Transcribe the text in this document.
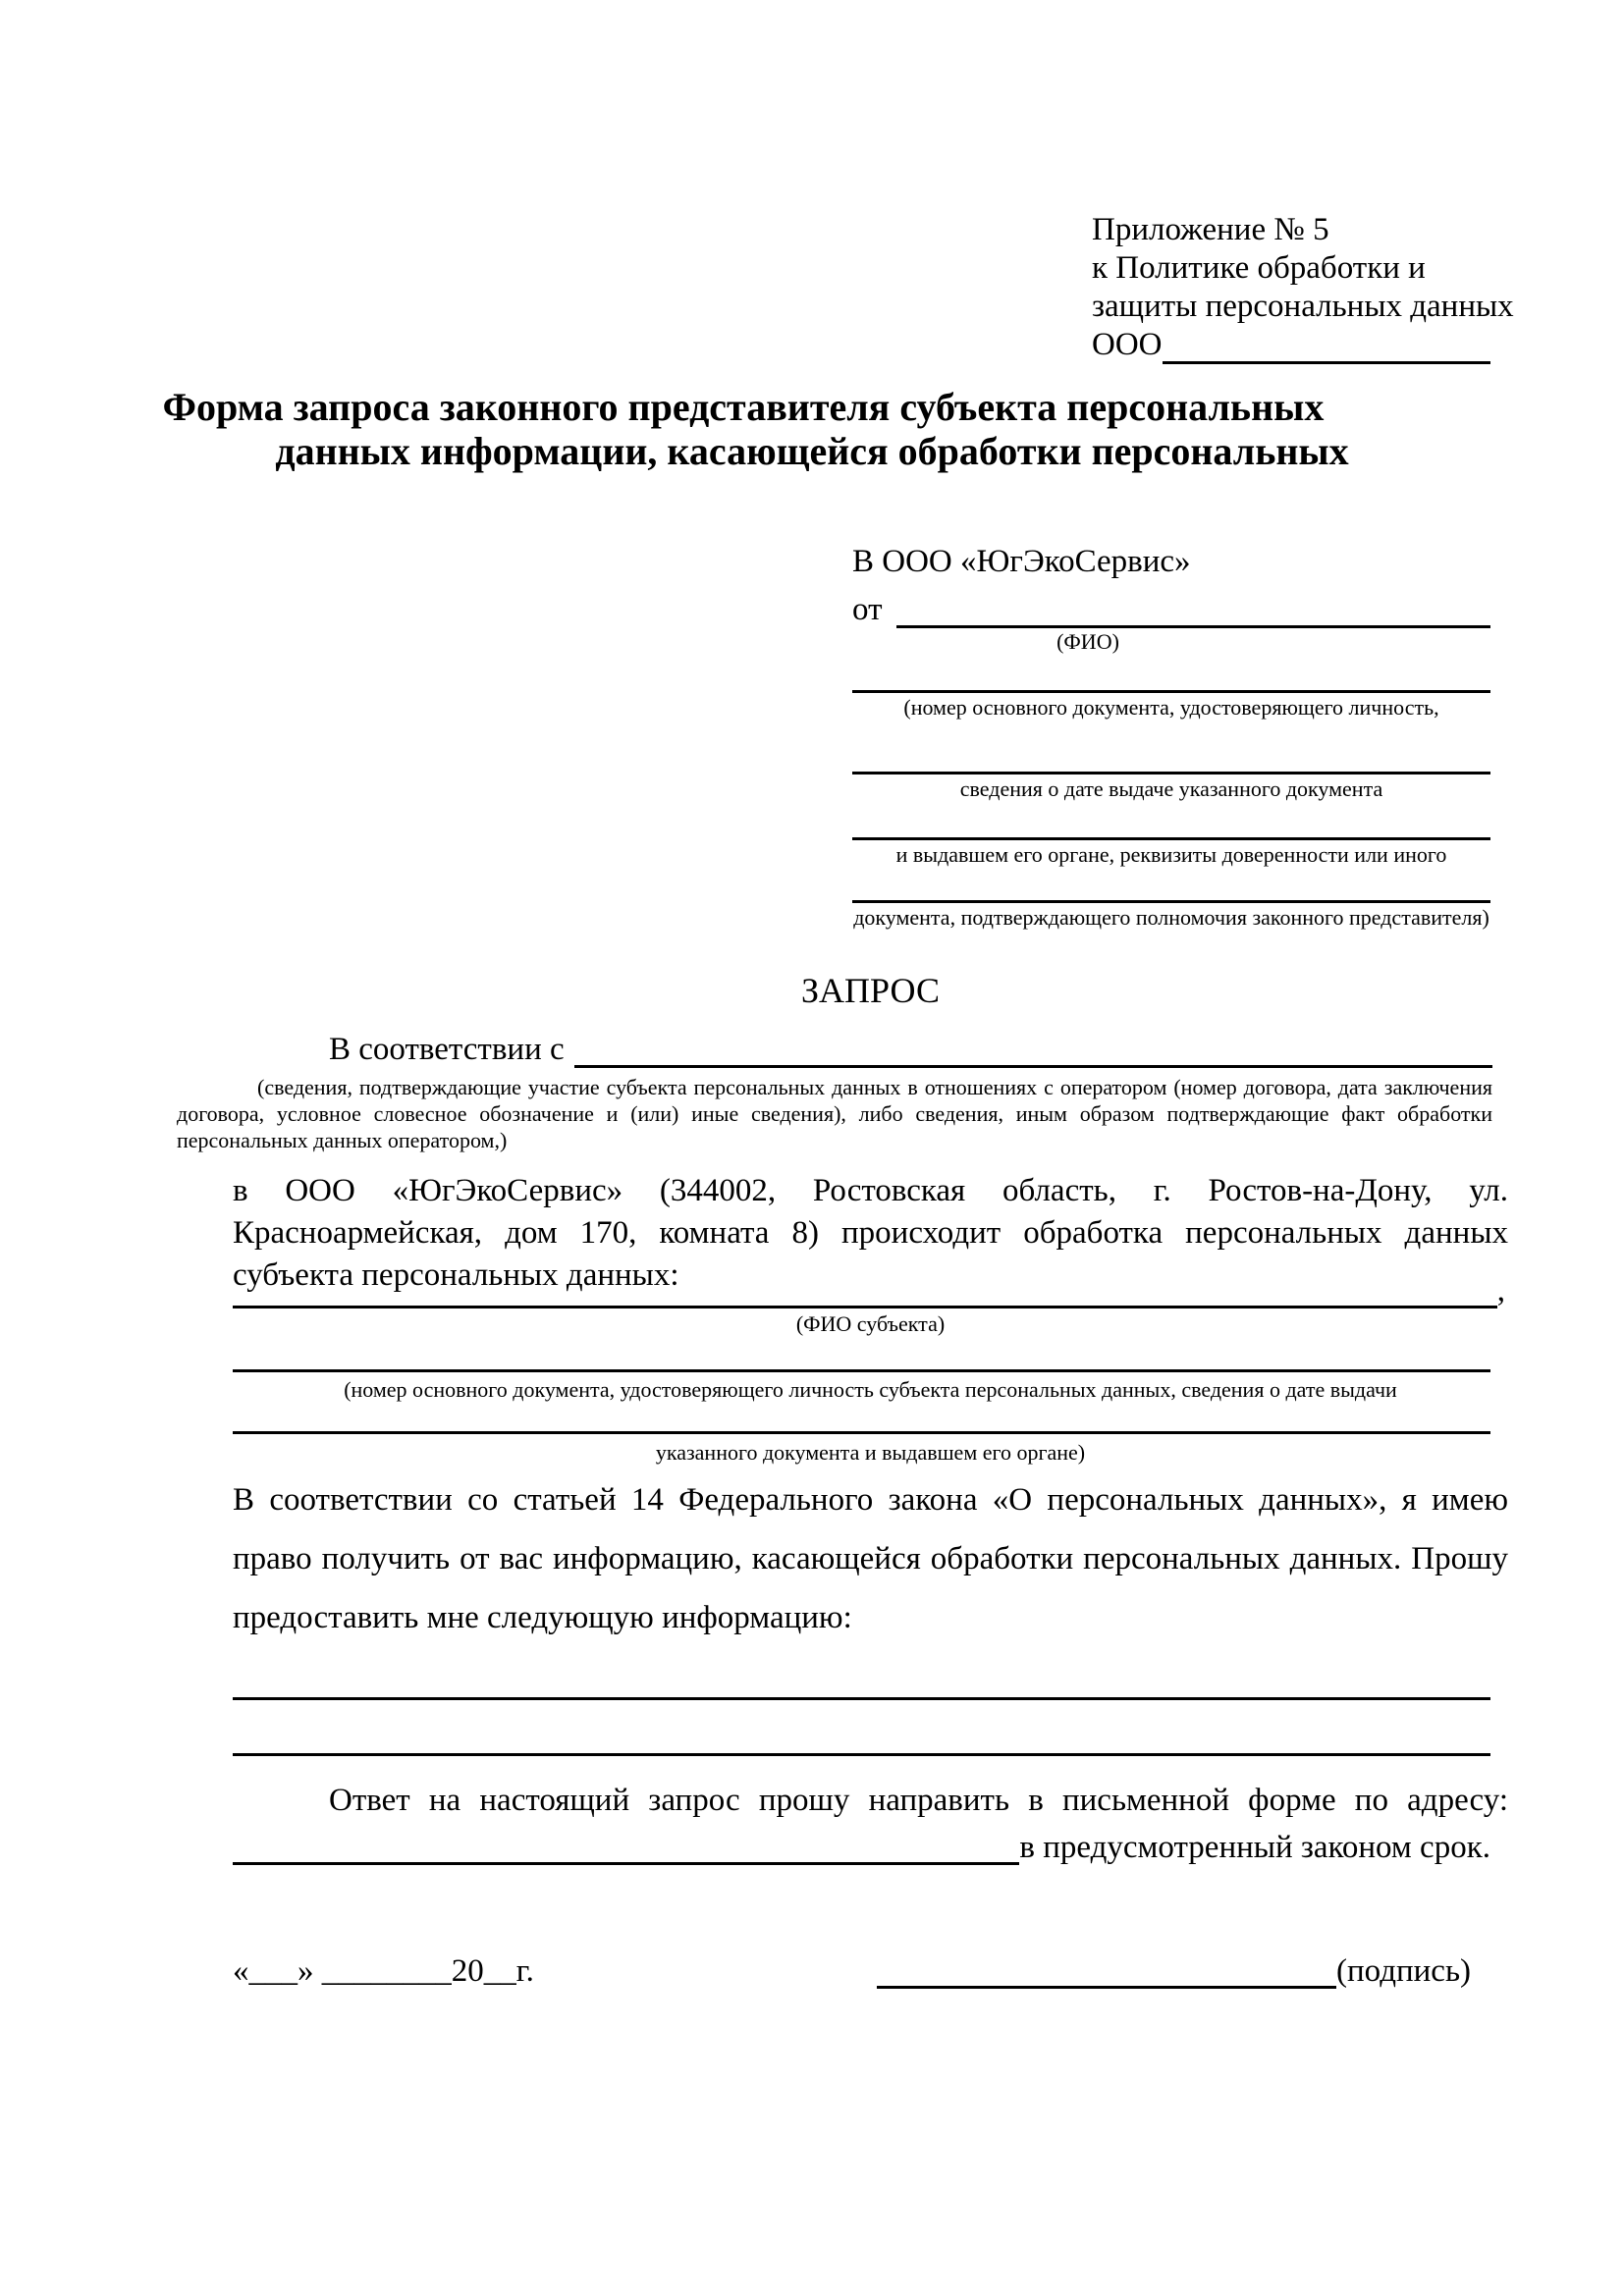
Приложение № 5
к Политике обработки и
защиты персональных данных
ООО
Форма запроса законного представителя субъекта персональных
данных информации, касающейся обработки персональных
В ООО «ЮгЭкоСервис»
от
(ФИО)
(номер основного документа, удостоверяющего личность,
сведения о дате выдаче указанного документа
и выдавшем его органе, реквизиты доверенности или иного
документа, подтверждающего полномочия законного представителя)
ЗАПРОС
В соответствии с
(сведения, подтверждающие участие субъекта персональных данных в отношениях с оператором (номер договора, дата заключения договора, условное словесное обозначение и (или) иные сведения), либо сведения, иным образом подтверждающие факт обработки персональных данных оператором,)
в ООО «ЮгЭкоСервис» (344002, Ростовская область, г. Ростов-на-Дону, ул. Красноармейская, дом 170, комната 8) происходит обработка персональных данных субъекта персональных данных:	,
(ФИО субъекта)
(номер основного документа, удостоверяющего личность субъекта персональных данных, сведения о дате выдачи
указанного документа и выдавшем его органе)
В соответствии со статьей 14 Федерального закона «О персональных данных», я имею право получить от вас информацию, касающейся обработки персональных данных. Прошу предоставить мне следующую информацию:
Ответ на настоящий запрос прошу направить в письменной форме по адресу:
в предусмотренный законом срок.
«___» ________20__г.	(подпись)
